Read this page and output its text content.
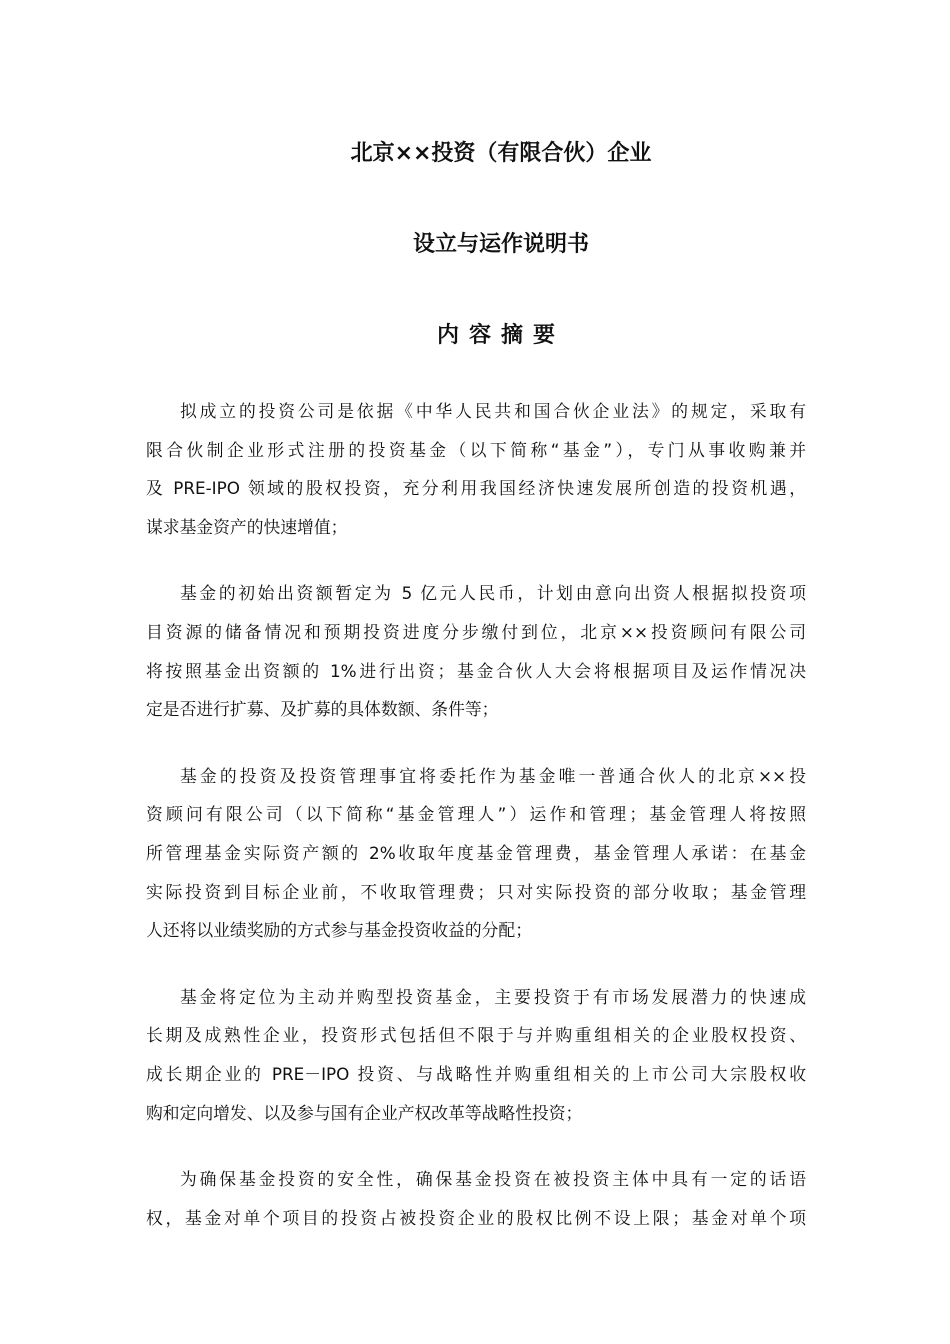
北京××投资（有限合伙）企业
设立与运作说明书
内容摘要
拟成立的投资公司是依据《中华人民共和国合伙企业法》的规定，采取有
限合伙制企业形式注册的投资基金（以下简称“基金”），专门从事收购兼并
及 PRE-IPO 领域的股权投资，充分利用我国经济快速发展所创造的投资机遇，
谋求基金资产的快速增值；
基金的初始出资额暂定为 5 亿元人民币，计划由意向出资人根据拟投资项
目资源的储备情况和预期投资进度分步缴付到位，北京××投资顾问有限公司
将按照基金出资额的 1%进行出资；基金合伙人大会将根据项目及运作情况决
定是否进行扩募、及扩募的具体数额、条件等；
基金的投资及投资管理事宜将委托作为基金唯一普通合伙人的北京××投
资顾问有限公司（以下简称“基金管理人”）运作和管理；基金管理人将按照
所管理基金实际资产额的 2%收取年度基金管理费，基金管理人承诺：在基金
实际投资到目标企业前，不收取管理费；只对实际投资的部分收取；基金管理
人还将以业绩奖励的方式参与基金投资收益的分配；
基金将定位为主动并购型投资基金，主要投资于有市场发展潜力的快速成
长期及成熟性企业，投资形式包括但不限于与并购重组相关的企业股权投资、
成长期企业的 PRE－IPO 投资、与战略性并购重组相关的上市公司大宗股权收
购和定向增发、以及参与国有企业产权改革等战略性投资；
为确保基金投资的安全性，确保基金投资在被投资主体中具有一定的话语
权，基金对单个项目的投资占被投资企业的股权比例不设上限；基金对单个项
